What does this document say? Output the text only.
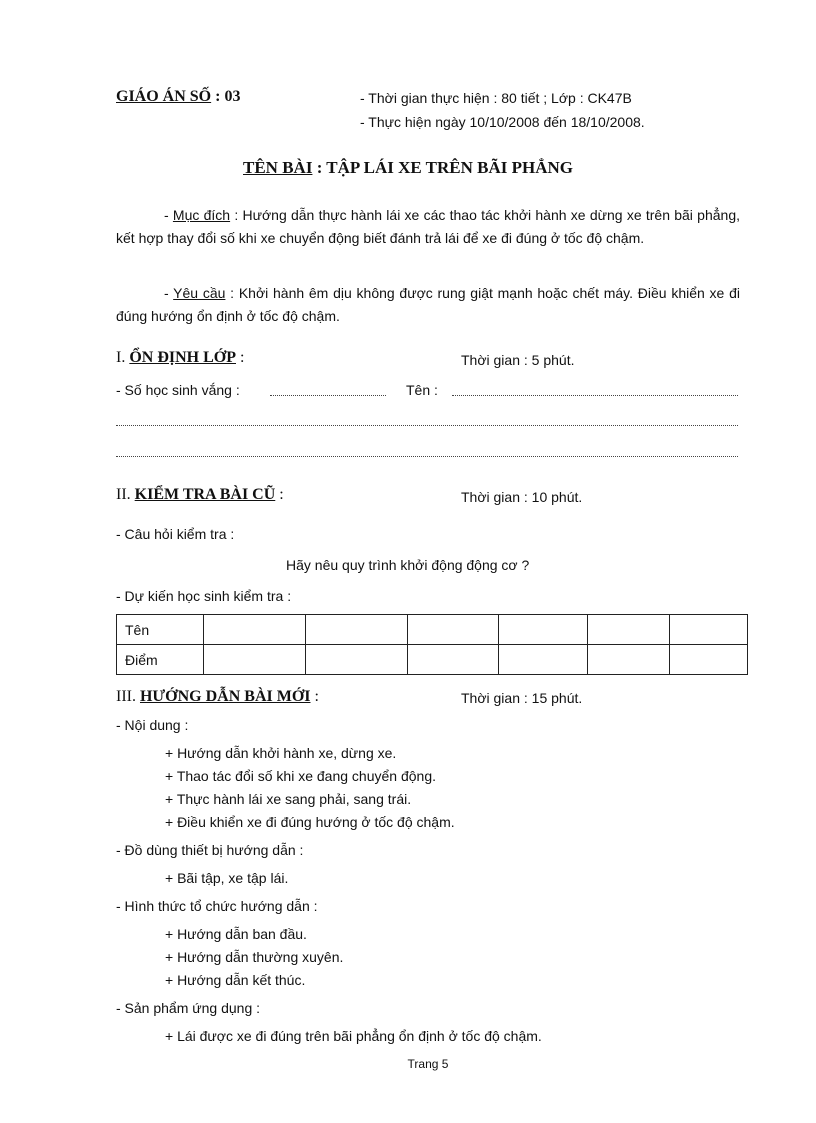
GIÁO ÁN SỐ : 03	- Thời gian thực hiện : 80 tiết ; Lớp : CK47B
- Thực hiện ngày 10/10/2008 đến 18/10/2008.
TÊN BÀI : TẬP LÁI XE TRÊN BÃI PHẲNG
- Mục đích : Hướng dẫn thực hành lái xe các thao tác khởi hành xe dừng xe trên bãi phẳng, kết hợp thay đổi số khi xe chuyển động biết đánh trả lái để xe đi đúng ở tốc độ chậm.
- Yêu cầu : Khởi hành êm dịu không được rung giật mạnh hoặc chết máy. Điều khiển xe đi đúng hướng ổn định ở tốc độ chậm.
I. ỔN ĐỊNH LỚP :	Thời gian : 5 phút.
- Số học sinh vắng :	Tên :
II. KIỂM TRA BÀI CŨ :	Thời gian : 10 phút.
- Câu hỏi kiểm tra :
Hãy nêu quy trình khởi động động cơ ?
- Dự kiến học sinh kiểm tra :
Tên						
Điểm						
III. HƯỚNG DẪN BÀI MỚI :	Thời gian : 15 phút.
- Nội dung :
+ Hướng dẫn khởi hành xe, dừng xe.
+ Thao tác đổi số khi xe đang chuyển động.
+ Thực hành lái xe sang phải, sang trái.
+ Điều khiển xe đi đúng hướng ở tốc độ chậm.
- Đồ dùng thiết bị hướng dẫn :
+ Bãi tập, xe tập lái.
- Hình thức tổ chức hướng dẫn :
+ Hướng dẫn ban đầu.
+ Hướng dẫn thường xuyên.
+ Hướng dẫn kết thúc.
- Sản phẩm ứng dụng :
+ Lái được xe đi đúng trên bãi phẳng ổn định ở tốc độ chậm.
Trang 5
